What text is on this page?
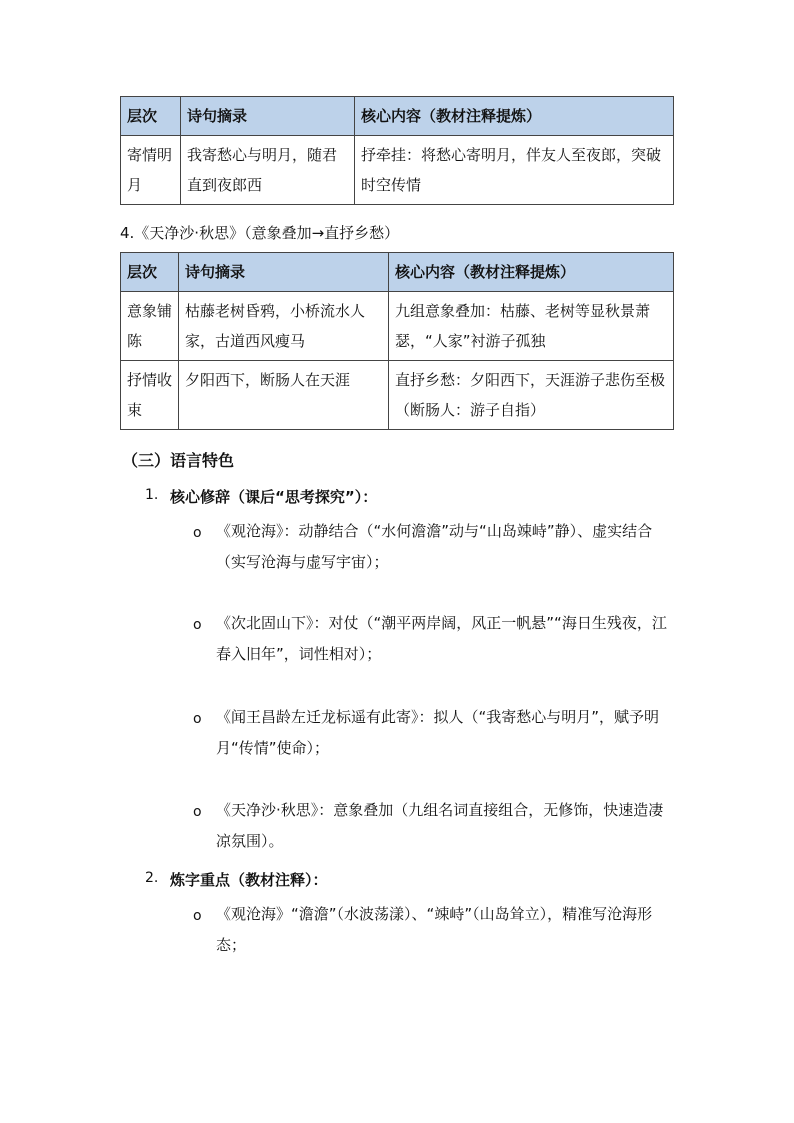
层次	诗句摘录	核心内容（教材注释提炼）
寄情明月	我寄愁心与明月，随君直到夜郎西	抒牵挂：将愁心寄明月，伴友人至夜郎，突破时空传情
4.《天净沙·秋思》（意象叠加→直抒乡愁）
层次	诗句摘录	核心内容（教材注释提炼）
意象铺陈	枯藤老树昏鸦，小桥流水人家，古道西风瘦马	九组意象叠加：枯藤、老树等显秋景萧瑟，“人家”衬游子孤独
抒情收束	夕阳西下，断肠人在天涯	直抒乡愁：夕阳西下，天涯游子悲伤至极（断肠人：游子自指）
（三）语言特色
1. 核心修辞（课后“思考探究”）：
o 《观沧海》：动静结合（“水何澹澹”动与“山岛竦峙”静）、虚实结合（实写沧海与虚写宇宙）；
o 《次北固山下》：对仗（“潮平两岸阔，风正一帆悬”“海日生残夜，江春入旧年”，词性相对）；
o 《闻王昌龄左迁龙标遥有此寄》：拟人（“我寄愁心与明月”，赋予明月“传情”使命）；
o 《天净沙·秋思》：意象叠加（九组名词直接组合，无修饰，快速造凄凉氛围）。
2. 炼字重点（教材注释）：
o 《观沧海》“澹澹”（水波荡漾）、“竦峙”（山岛耸立），精准写沧海形态；
